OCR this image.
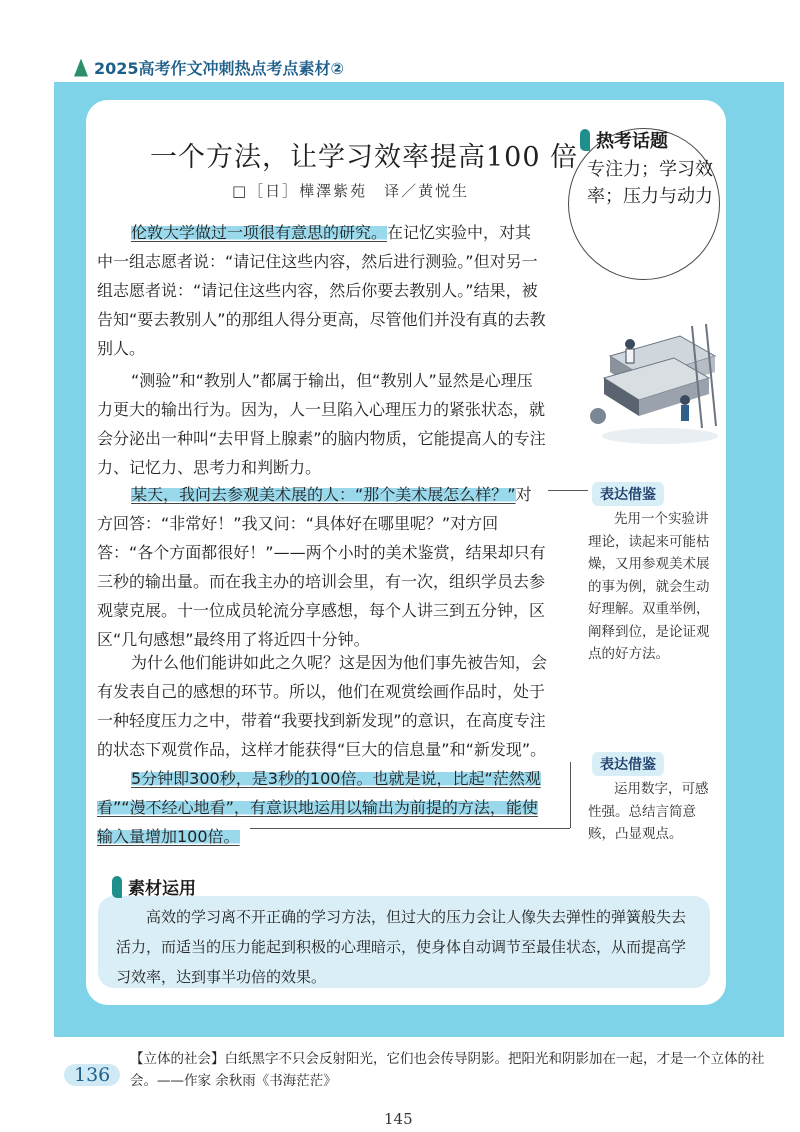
2025高考作文冲刺热点考点素材②
一个方法，让学习效率提高100 倍
□［日］樺澤紫苑　译／黄悦生

伦敦大学做过一项很有意思的研究。在记忆实验中，对其中一组志愿者说：“请记住这些内容，然后进行测验。”但对另一组志愿者说：“请记住这些内容，然后你要去教别人。”结果，被告知“要去教别人”的那组人得分更高，尽管他们并没有真的去教别人。

“测验”和“教别人”都属于输出，但“教别人”显然是心理压力更大的输出行为。因为，人一旦陷入心理压力的紧张状态，就会分泌出一种叫“去甲肾上腺素”的脑内物质，它能提高人的专注力、记忆力、思考力和判断力。

某天，我问去参观美术展的人：“那个美术展怎么样？”对方回答：“非常好！”我又问：“具体好在哪里呢？”对方回答：“各个方面都很好！”——两个小时的美术鉴赏，结果却只有三秒的输出量。而在我主办的培训会里，有一次，组织学员去参观蒙克展。十一位成员轮流分享感想，每个人讲三到五分钟，区区“几句感想”最终用了将近四十分钟。

为什么他们能讲如此之久呢？这是因为他们事先被告知，会有发表自己的感想的环节。所以，他们在观赏绘画作品时，处于一种轻度压力之中，带着“我要找到新发现”的意识，在高度专注的状态下观赏作品，这样才能获得“巨大的信息量”和“新发现”。

5分钟即300秒，是3秒的100倍。也就是说，比起“茫然观看”“漫不经心地看”，有意识地运用以输出为前提的方法，能使输入量增加100倍。

热考话题
专注力；学习效率；压力与动力
表达借鉴

先用一个实验讲理论，读起来可能枯燥，又用参观美术展的事为例，就会生动好理解。双重举例，阐释到位，是论证观点的好方法。

表达借鉴

运用数字，可感性强。总结言简意赅，凸显观点。

素材运用

高效的学习离不开正确的学习方法，但过大的压力会让人像失去弹性的弹簧般失去活力，而适当的压力能起到积极的心理暗示，使身体自动调节至最佳状态，从而提高学习效率，达到事半功倍的效果。

136

【立体的社会】白纸黑字不只会反射阳光，它们也会传导阴影。把阳光和阴影加在一起，才是一个立体的社会。——作家 余秋雨《书海茫茫》

145
